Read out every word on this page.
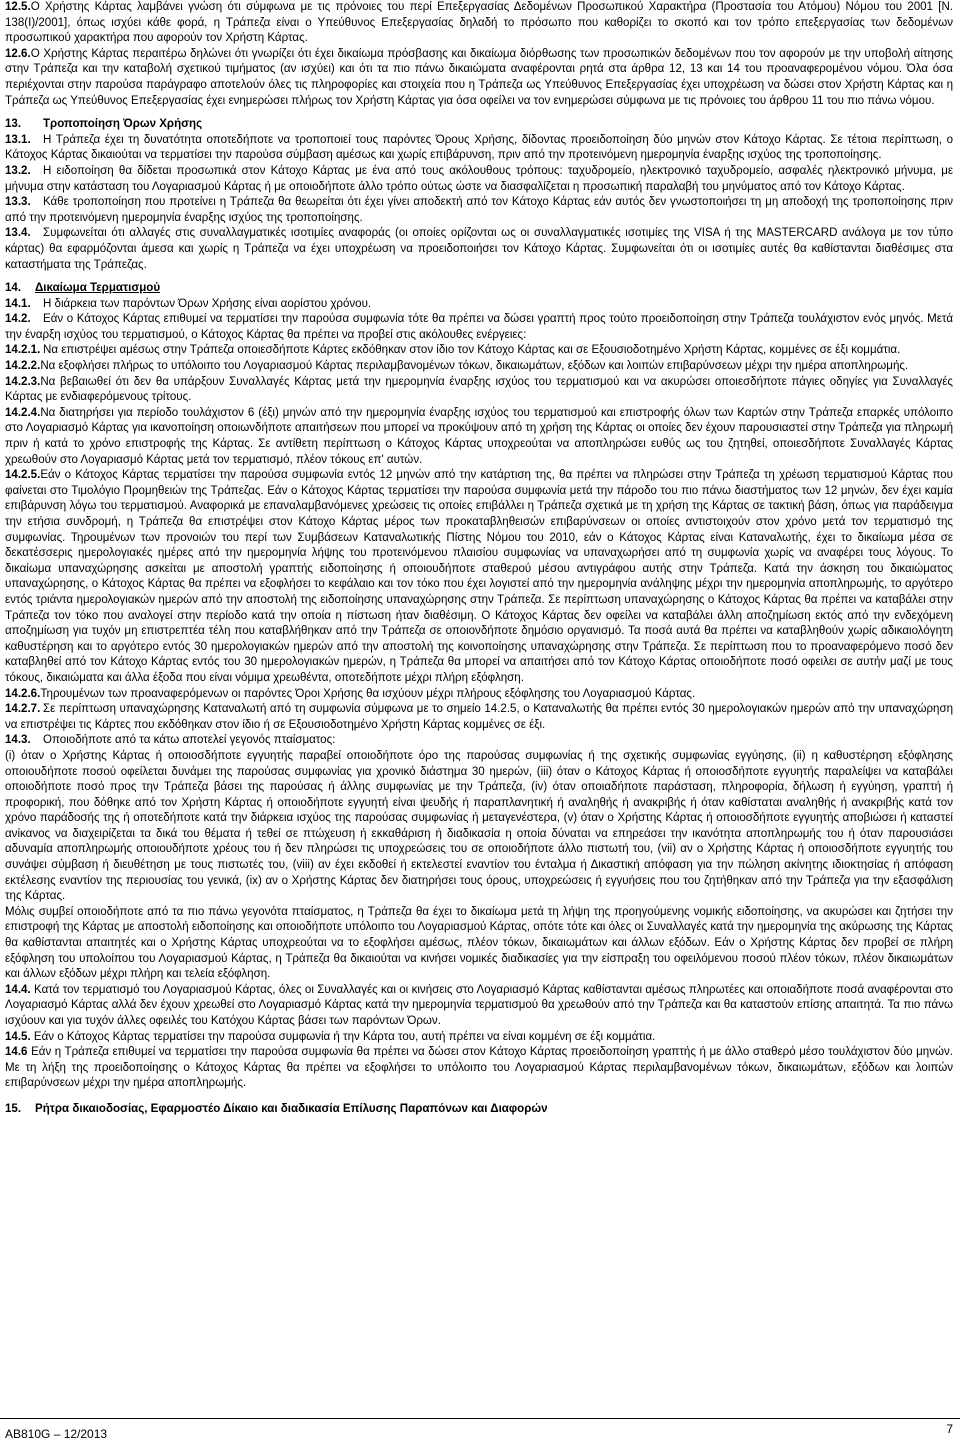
12.5.Ο Χρήστης Κάρτας λαμβάνει γνώση ότι σύμφωνα με τις πρόνοιες του περί Επεξεργασίας Δεδομένων Προσωπικού Χαρακτήρα (Προστασία του Ατόμου) Νόμου του 2001 [Ν. 138(Ι)/2001], όπως ισχύει κάθε φορά, η Τράπεζα είναι ο Υπεύθυνος Επεξεργασίας δηλαδή το πρόσωπο που καθορίζει το σκοπό και τον τρόπο επεξεργασίας των δεδομένων προσωπικού χαρακτήρα που αφορούν τον Χρήστη Κάρτας.

12.6.Ο Χρήστης Κάρτας περαιτέρω δηλώνει ότι γνωρίζει ότι έχει δικαίωμα πρόσβασης και δικαίωμα διόρθωσης των προσωπικών δεδομένων που τον αφορούν με την υποβολή αίτησης στην Τράπεζα και την καταβολή σχετικού τιμήματος (αν ισχύει) και ότι τα πιο πάνω δικαιώματα αναφέρονται ρητά στα άρθρα 12, 13 και 14 του προαναφερομένου νόμου. Όλα όσα περιέχονται στην παρούσα παράγραφο αποτελούν όλες τις πληροφορίες και στοιχεία που η Τράπεζα ως Υπεύθυνος Επεξεργασίας έχει υποχρέωση να δώσει στον Χρήστη Κάρτας και η Τράπεζα ως Υπεύθυνος Επεξεργασίας έχει ενημερώσει πλήρως τον Χρήστη Κάρτας για όσα οφείλει να τον ενημερώσει σύμφωνα με τις πρόνοιες του άρθρου 11 του πιο πάνω νόμου.

13. Τροποποίηση Όρων Χρήσης

13.1. Η Τράπεζα έχει τη δυνατότητα οποτεδήποτε να τροποποιεί τους παρόντες Όρους Χρήσης, δίδοντας προειδοποίηση δύο μηνών στον Κάτοχο Κάρτας. Σε τέτοια περίπτωση, ο Κάτοχος Κάρτας δικαιούται να τερματίσει την παρούσα σύμβαση αμέσως και χωρίς επιβάρυνση, πριν από την προτεινόμενη ημερομηνία έναρξης ισχύος της τροποποίησης.

13.2. Η ειδοποίηση θα δίδεται προσωπικά στον Κάτοχο Κάρτας με ένα από τους ακόλουθους τρόπους: ταχυδρομείο, ηλεκτρονικό ταχυδρομείο, ασφαλές ηλεκτρονικό μήνυμα, με μήνυμα στην κατάσταση του Λογαριασμού Κάρτας ή με οποιοδήποτε άλλο τρόπο ούτως ώστε να διασφαλίζεται η προσωπική παραλαβή του μηνύματος από τον Κάτοχο Κάρτας.

13.3. Κάθε τροποποίηση που προτείνει η Τράπεζα θα θεωρείται ότι έχει γίνει αποδεκτή από τον Κάτοχο Κάρτας εάν αυτός δεν γνωστοποιήσει τη μη αποδοχή της τροποποίησης πριν από την προτεινόμενη ημερομηνία έναρξης ισχύος της τροποποίησης.

13.4. Συμφωνείται ότι αλλαγές στις συναλλαγματικές ισοτιμίες αναφοράς (οι οποίες ορίζονται ως οι συναλλαγματικές ισοτιμίες της VISA ή της MASTERCARD ανάλογα με τον τύπο κάρτας) θα εφαρμόζονται άμεσα και χωρίς η Τράπεζα να έχει υποχρέωση να προειδοποιήσει τον Κάτοχο Κάρτας. Συμφωνείται ότι οι ισοτιμίες αυτές θα καθίστανται διαθέσιμες στα καταστήματα της Τράπεζας.

14. Δικαίωμα Τερματισμού

14.1. Η διάρκεια των παρόντων Όρων Χρήσης είναι αορίστου χρόνου.

14.2. Εάν ο Κάτοχος Κάρτας επιθυμεί να τερματίσει την παρούσα συμφωνία τότε θα πρέπει να δώσει γραπτή προς τούτο προειδοποίηση στην Τράπεζα τουλάχιστον ενός μηνός. Μετά την έναρξη ισχύος του τερματισμού, ο Κάτοχος Κάρτας θα πρέπει να προβεί στις ακόλουθες ενέργειες:

14.2.1. Να επιστρέψει αμέσως στην Τράπεζα οποιεσδήποτε Κάρτες εκδόθηκαν στον ίδιο τον Κάτοχο Κάρτας και σε Εξουσιοδοτημένο Χρήστη Κάρτας, κομμένες σε έξι κομμάτια.

14.2.2.Να εξοφλήσει πλήρως το υπόλοιπο του Λογαριασμού Κάρτας περιλαμβανομένων τόκων, δικαιωμάτων, εξόδων και λοιπών επιβαρύνσεων μέχρι την ημέρα αποπληρωμής.

14.2.3.Να βεβαιωθεί ότι δεν θα υπάρξουν Συναλλαγές Κάρτας μετά την ημερομηνία έναρξης ισχύος του τερματισμού και να ακυρώσει οποιεσδήποτε πάγιες οδηγίες για Συναλλαγές Κάρτας με ενδιαφερόμενους τρίτους.

14.2.4.Να διατηρήσει για περίοδο τουλάχιστον 6 (έξι) μηνών από την ημερομηνία έναρξης ισχύος του τερματισμού και επιστροφής όλων των Καρτών στην Τράπεζα επαρκές υπόλοιπο στο Λογαριασμό Κάρτας για ικανοποίηση οποιωνδήποτε απαιτήσεων που μπορεί να προκύψουν από τη χρήση της Κάρτας οι οποίες δεν έχουν παρουσιαστεί στην Τράπεζα για πληρωμή πριν ή κατά το χρόνο επιστροφής της Κάρτας. Σε αντίθετη περίπτωση ο Κάτοχος Κάρτας υποχρεούται να αποπληρώσει ευθύς ως του ζητηθεί, οποιεσδήποτε Συναλλαγές Κάρτας χρεωθούν στο Λογαριασμό Κάρτας μετά τον τερματισμό, πλέον τόκους επ' αυτών.

14.2.5.Εάν ο Κάτοχος Κάρτας τερματίσει την παρούσα συμφωνία εντός 12 μηνών από την κατάρτιση της, θα πρέπει να πληρώσει στην Τράπεζα τη χρέωση τερματισμού Κάρτας που φαίνεται στο Τιμολόγιο Προμηθειών της Τράπεζας. Εάν ο Κάτοχος Κάρτας τερματίσει την παρούσα συμφωνία μετά την πάροδο του πιο πάνω διαστήματος των 12 μηνών, δεν έχει καμία επιβάρυνση λόγω του τερματισμού. Αναφορικά με επαναλαμβανόμενες χρεώσεις τις οποίες επιβάλλει η Τράπεζα σχετικά με τη χρήση της Κάρτας σε τακτική βάση, όπως για παράδειγμα την ετήσια συνδρομή, η Τράπεζα θα επιστρέψει στον Κάτοχο Κάρτας μέρος των προκαταβληθεισών επιβαρύνσεων οι οποίες αντιστοιχούν στον χρόνο μετά τον τερματισμό της συμφωνίας. Τηρουμένων των προνοιών του περί των Συμβάσεων Καταναλωτικής Πίστης Νόμου του 2010, εάν ο Κάτοχος Κάρτας είναι Καταναλωτής, έχει το δικαίωμα μέσα σε δεκατέσσερις ημερολογιακές ημέρες από την ημερομηνία λήψης του προτεινόμενου πλαισίου συμφωνίας να υπαναχωρήσει από τη συμφωνία χωρίς να αναφέρει τους λόγους. Το δικαίωμα υπαναχώρησης ασκείται με αποστολή γραπτής ειδοποίησης ή οποιουδήποτε σταθερού μέσου αντιγράφου αυτής στην Τράπεζα. Κατά την άσκηση του δικαιώματος υπαναχώρησης, ο Κάτοχος Κάρτας θα πρέπει να εξοφλήσει το κεφάλαιο και τον τόκο που έχει λογιστεί από την ημερομηνία ανάληψης μέχρι την ημερομηνία αποπληρωμής, το αργότερο εντός τριάντα ημερολογιακών ημερών από την αποστολή της ειδοποίησης υπαναχώρησης στην Τράπεζα. Σε περίπτωση υπαναχώρησης ο Κάτοχος Κάρτας θα πρέπει να καταβάλει στην Τράπεζα τον τόκο που αναλογεί στην περίοδο κατά την οποία η πίστωση ήταν διαθέσιμη. Ο Κάτοχος Κάρτας δεν οφείλει να καταβάλει άλλη αποζημίωση εκτός από την ενδεχόμενη αποζημίωση για τυχόν μη επιστρεπτέα τέλη που καταβλήθηκαν από την Τράπεζα σε οποιονδήποτε δημόσιο οργανισμό. Τα ποσά αυτά θα πρέπει να καταβληθούν χωρίς αδικαιολόγητη καθυστέρηση και το αργότερο εντός 30 ημερολογιακών ημερών από την αποστολή της κοινοποίησης υπαναχώρησης στην Τράπεζα. Σε περίπτωση που το προαναφερόμενο ποσό δεν καταβληθεί από τον Κάτοχο Κάρτας εντός του 30 ημερολογιακών ημερών, η Τράπεζα θα μπορεί να απαιτήσει από τον Κάτοχο Κάρτας οποιοδήποτε ποσό οφειλει σε αυτήν μαζί με τους τόκους, δικαιώματα και άλλα έξοδα που είναι νόμιμα χρεωθέντα, οποτεδήποτε μέχρι πλήρη εξόφληση.

14.2.6.Τηρουμένων των προαναφερόμενων οι παρόντες Όροι Χρήσης θα ισχύουν μέχρι πλήρους εξόφλησης του Λογαριασμού Κάρτας.

14.2.7. Σε περίπτωση υπαναχώρησης Καταναλωτή από τη συμφωνία σύμφωνα με το σημείο 14.2.5, ο Καταναλωτής θα πρέπει εντός 30 ημερολογιακών ημερών από την υπαναχώρηση να επιστρέψει τις Κάρτες που εκδόθηκαν στον ίδιο ή σε Εξουσιοδοτημένο Χρήστη Κάρτας κομμένες σε έξι.

14.3. Οποιοδήποτε από τα κάτω αποτελεί γεγονός πταίσματος:

(i) όταν ο Χρήστης Κάρτας ή οποιοσδήποτε εγγυητής παραβεί οποιοδήποτε όρο της παρούσας συμφωνίας ή της σχετικής συμφωνίας εγγύησης, (ii) η καθυστέρηση εξόφλησης οποιουδήποτε ποσού οφείλεται δυνάμει της παρούσας συμφωνίας για χρονικό διάστημα 30 ημερών, (iii) όταν ο Κάτοχος Κάρτας ή οποιοσδήποτε εγγυητής παραλείψει να καταβάλει οποιοδήποτε ποσό προς την Τράπεζα βάσει της παρούσας ή άλλης συμφωνίας με την Τράπεζα, (iv) όταν οποιαδήποτε παράσταση, πληροφορία, δήλωση ή εγγύηση, γραπτή ή προφορική, που δόθηκε από τον Χρήστη Κάρτας ή οποιοδήποτε εγγυητή είναι ψευδής ή παραπλανητική ή αναληθής ή ανακριβής ή όταν καθίσταται αναληθής ή ανακριβής κατά τον χρόνο παράδοσής της ή οποτεδήποτε κατά την διάρκεια ισχύος της παρούσας συμφωνίας ή μεταγενέστερα, (v) όταν ο Χρήστης Κάρτας ή οποιοσδήποτε εγγυητής αποβιώσει ή καταστεί ανίκανος να διαχειρίζεται τα δικά του θέματα ή τεθεί σε πτώχευση ή εκκαθάριση ή διαδικασία η οποία δύναται να επηρεάσει την ικανότητα αποπληρωμής του ή όταν παρουσιάσει αδυναμία αποπληρωμής οποιουδήποτε χρέους του ή δεν πληρώσει τις υποχρεώσεις του σε οποιοδήποτε άλλο πιστωτή του, (vii) αν ο Χρήστης Κάρτας ή οποιοσδήποτε εγγυητής του συνάψει σύμβαση ή διευθέτηση με τους πιστωτές του, (viii) αν έχει εκδοθεί ή εκτελεστεί εναντίον του ένταλμα ή Δικαστική απόφαση για την πώληση ακίνητης ιδιοκτησίας ή απόφαση εκτέλεσης εναντίον της περιουσίας του γενικά, (ix) αν ο Χρήστης Κάρτας δεν διατηρήσει τους όρους, υποχρεώσεις ή εγγυήσεις που του ζητήθηκαν από την Τράπεζα για την εξασφάλιση της Κάρτας.

Μόλις συμβεί οποιοδήποτε από τα πιο πάνω γεγονότα πταίσματος, η Τράπεζα θα έχει το δικαίωμα μετά τη λήψη της προηγούμενης νομικής ειδοποίησης, να ακυρώσει και ζητήσει την επιστροφή της Κάρτας με αποστολή ειδοποίησης και οποιοδήποτε υπόλοιπο του Λογαριασμού Κάρτας, οπότε τότε και όλες οι Συναλλαγές κατά την ημερομηνία της ακύρωσης της Κάρτας θα καθίστανται απαιτητές και ο Χρήστης Κάρτας υποχρεούται να το εξοφλήσει αμέσως, πλέον τόκων, δικαιωμάτων και άλλων εξόδων. Εάν ο Χρήστης Κάρτας δεν προβεί σε πλήρη εξόφληση του υπολοίπου του Λογαριασμού Κάρτας, η Τράπεζα θα δικαιούται να κινήσει νομικές διαδικασίες για την είσπραξη του οφειλόμενου ποσού πλέον τόκων, πλέον δικαιωμάτων και άλλων εξόδων μέχρι πλήρη και τελεία εξόφληση.

14.4. Κατά τον τερματισμό του Λογαριασμού Κάρτας, όλες οι Συναλλαγές και οι κινήσεις στο Λογαριασμό Κάρτας καθίστανται αμέσως πληρωτέες και οποιαδήποτε ποσά αναφέρονται στο Λογαριασμό Κάρτας αλλά δεν έχουν χρεωθεί στο Λογαριασμό Κάρτας κατά την ημερομηνία τερματισμού θα χρεωθούν από την Τράπεζα και θα καταστούν επίσης απαιτητά. Τα πιο πάνω ισχύουν και για τυχόν άλλες οφειλές του Κατόχου Κάρτας βάσει των παρόντων Όρων.

14.5. Εάν ο Κάτοχος Κάρτας τερματίσει την παρούσα συμφωνία ή την Κάρτα του, αυτή πρέπει να είναι κομμένη σε έξι κομμάτια.

14.6 Εάν η Τράπεζα επιθυμεί να τερματίσει την παρούσα συμφωνία θα πρέπει να δώσει στον Κάτοχο Κάρτας προειδοποίηση γραπτής ή με άλλο σταθερό μέσο τουλάχιστον δύο μηνών. Με τη λήξη της προειδοποίησης ο Κάτοχος Κάρτας θα πρέπει να εξοφλήσει το υπόλοιπο του Λογαριασμού Κάρτας περιλαμβανομένων τόκων, δικαιωμάτων, εξόδων και λοιπών επιβαρύνσεων μέχρι την ημέρα αποπληρωμής.

15. Ρήτρα δικαιοδοσίας, Εφαρμοστέο Δίκαιο και διαδικασία Επίλυσης Παραπόνων και Διαφορών
AB810G – 12/2013	7
